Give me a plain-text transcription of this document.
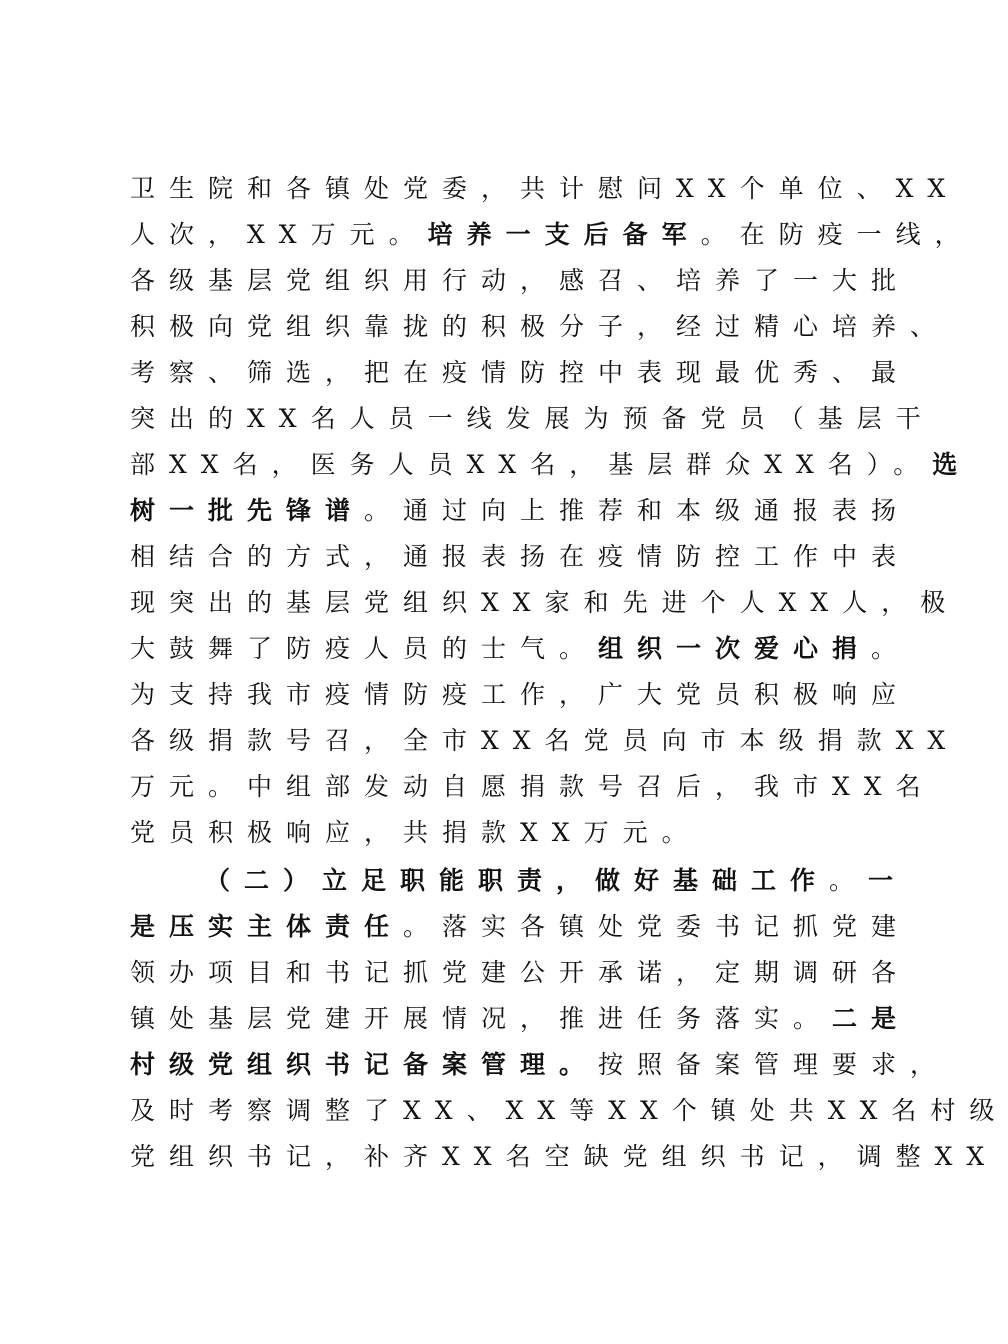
卫生院和各镇处党委，共计慰问XX个单位、XX
人次，XX万元。培养一支后备军。在防疫一线，
各级基层党组织用行动，感召、培养了一大批
积极向党组织靠拢的积极分子，经过精心培养、
考察、筛选，把在疫情防控中表现最优秀、最
突出的XX名人员一线发展为预备党员（基层干
部XX名，医务人员XX名，基层群众XX名）。选
树一批先锋谱。通过向上推荐和本级通报表扬
相结合的方式，通报表扬在疫情防控工作中表
现突出的基层党组织XX家和先进个人XX人，极
大鼓舞了防疫人员的士气。组织一次爱心捐。
为支持我市疫情防疫工作，广大党员积极响应
各级捐款号召，全市XX名党员向市本级捐款XX
万元。中组部发动自愿捐款号召后，我市XX名
党员积极响应，共捐款XX万元。
（二）立足职能职责，做好基础工作。一
是压实主体责任。落实各镇处党委书记抓党建
领办项目和书记抓党建公开承诺，定期调研各
镇处基层党建开展情况，推进任务落实。二是
村级党组织书记备案管理。按照备案管理要求，
及时考察调整了XX、XX等XX个镇处共XX名村级
党组织书记，补齐XX名空缺党组织书记，调整XX
